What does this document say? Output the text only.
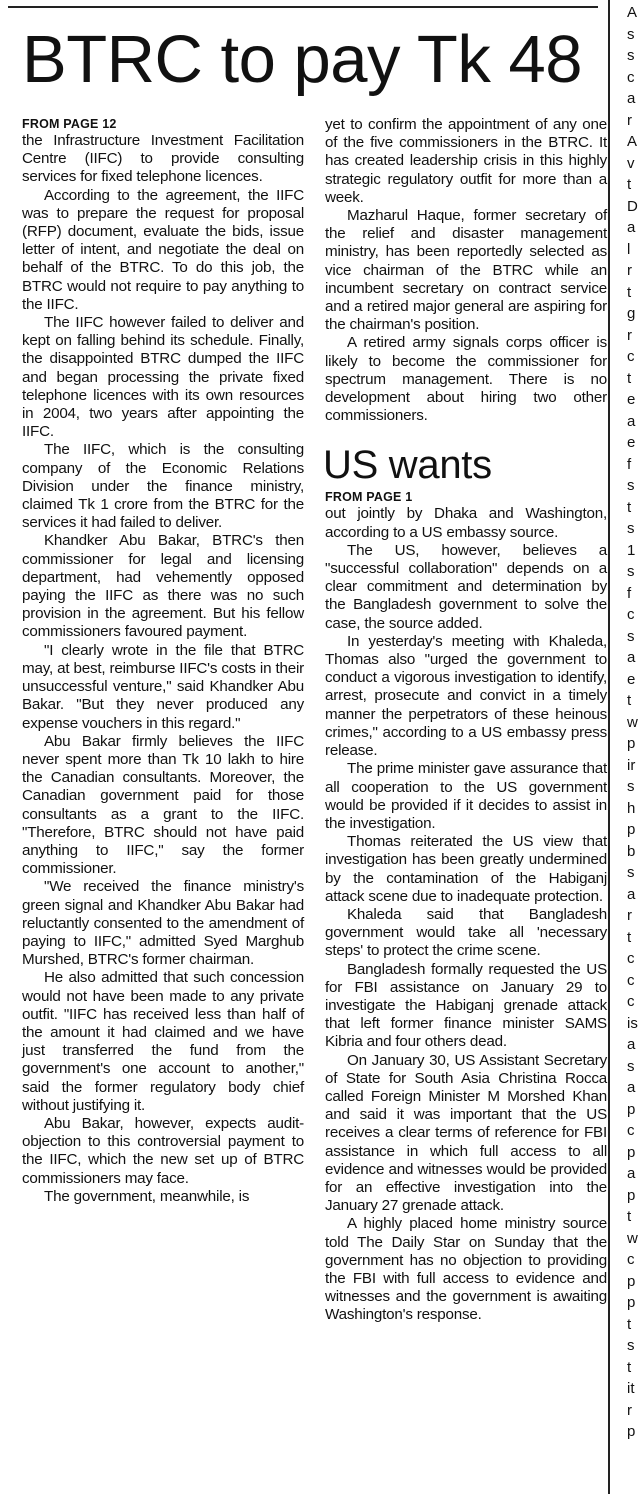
BTRC to pay Tk 48
FROM PAGE 12

the Infrastructure Investment Facilitation Centre (IIFC) to provide consulting services for fixed telephone licences.

According to the agreement, the IIFC was to prepare the request for proposal (RFP) document, evaluate the bids, issue letter of intent, and negotiate the deal on behalf of the BTRC. To do this job, the BTRC would not require to pay anything to the IIFC.

The IIFC however failed to deliver and kept on falling behind its schedule. Finally, the disappointed BTRC dumped the IIFC and began processing the private fixed telephone licences with its own resources in 2004, two years after appointing the IIFC.

The IIFC, which is the consulting company of the Economic Relations Division under the finance ministry, claimed Tk 1 crore from the BTRC for the services it had failed to deliver.

Khandker Abu Bakar, BTRC's then commissioner for legal and licensing department, had vehemently opposed paying the IIFC as there was no such provision in the agreement. But his fellow commissioners favoured payment.

"I clearly wrote in the file that BTRC may, at best, reimburse IIFC's costs in their unsuccessful venture," said Khandker Abu Bakar. "But they never produced any expense vouchers in this regard."

Abu Bakar firmly believes the IIFC never spent more than Tk 10 lakh to hire the Canadian consultants. Moreover, the Canadian government paid for those consultants as a grant to the IIFC. "Therefore, BTRC should not have paid anything to IIFC," say the former commissioner.

"We received the finance ministry's green signal and Khandker Abu Bakar had reluctantly consented to the amendment of paying to IIFC," admitted Syed Marghub Murshed, BTRC's former chairman.

He also admitted that such concession would not have been made to any private outfit. "IIFC has received less than half of the amount it had claimed and we have just transferred the fund from the government's one account to another," said the former regulatory body chief without justifying it.

Abu Bakar, however, expects audit-objection to this controversial payment to the IIFC, which the new set up of BTRC commissioners may face.

The government, meanwhile, is

yet to confirm the appointment of any one of the five commissioners in the BTRC. It has created leadership crisis in this highly strategic regulatory outfit for more than a week.

Mazharul Haque, former secretary of the relief and disaster management ministry, has been reportedly selected as vice chairman of the BTRC while an incumbent secretary on contract service and a retired major general are aspiring for the chairman's position.

A retired army signals corps officer is likely to become the commissioner for spectrum management. There is no development about hiring two other commissioners.

US wants
FROM PAGE 1

out jointly by Dhaka and Washington, according to a US embassy source.

The US, however, believes a "successful collaboration" depends on a clear commitment and determination by the Bangladesh government to solve the case, the source added.

In yesterday's meeting with Khaleda, Thomas also "urged the government to conduct a vigorous investigation to identify, arrest, prosecute and convict in a timely manner the perpetrators of these heinous crimes," according to a US embassy press release.

The prime minister gave assurance that all cooperation to the US government would be provided if it decides to assist in the investigation.

Thomas reiterated the US view that investigation has been greatly undermined by the contamination of the Habiganj attack scene due to inadequate protection.

Khaleda said that Bangladesh government would take all 'necessary steps' to protect the crime scene.

Bangladesh formally requested the US for FBI assistance on January 29 to investigate the Habiganj grenade attack that left former finance minister SAMS Kibria and four others dead.

On January 30, US Assistant Secretary of State for South Asia Christina Rocca called Foreign Minister M Morshed Khan and said it was important that the US receives a clear terms of reference for FBI assistance in which full access to all evidence and witnesses would be provided for an effective investigation into the January 27 grenade attack.

A highly placed home ministry source told The Daily Star on Sunday that the government has no objection to providing the FBI with full access to evidence and witnesses and the government is awaiting Washington's response.

A
s
s
c
a
r
A
v
t
D
a
l
r
t
g
r
c
t
e
a
e
f
s
t
s
1
s
f
c
s
a
e
t
w
p
ir
s
h
p
b
s
a
r
t
c
c
c
is
a
s
a
p
c
p
a
p
t
w
c
p
p
t
s
t
it
r
p
